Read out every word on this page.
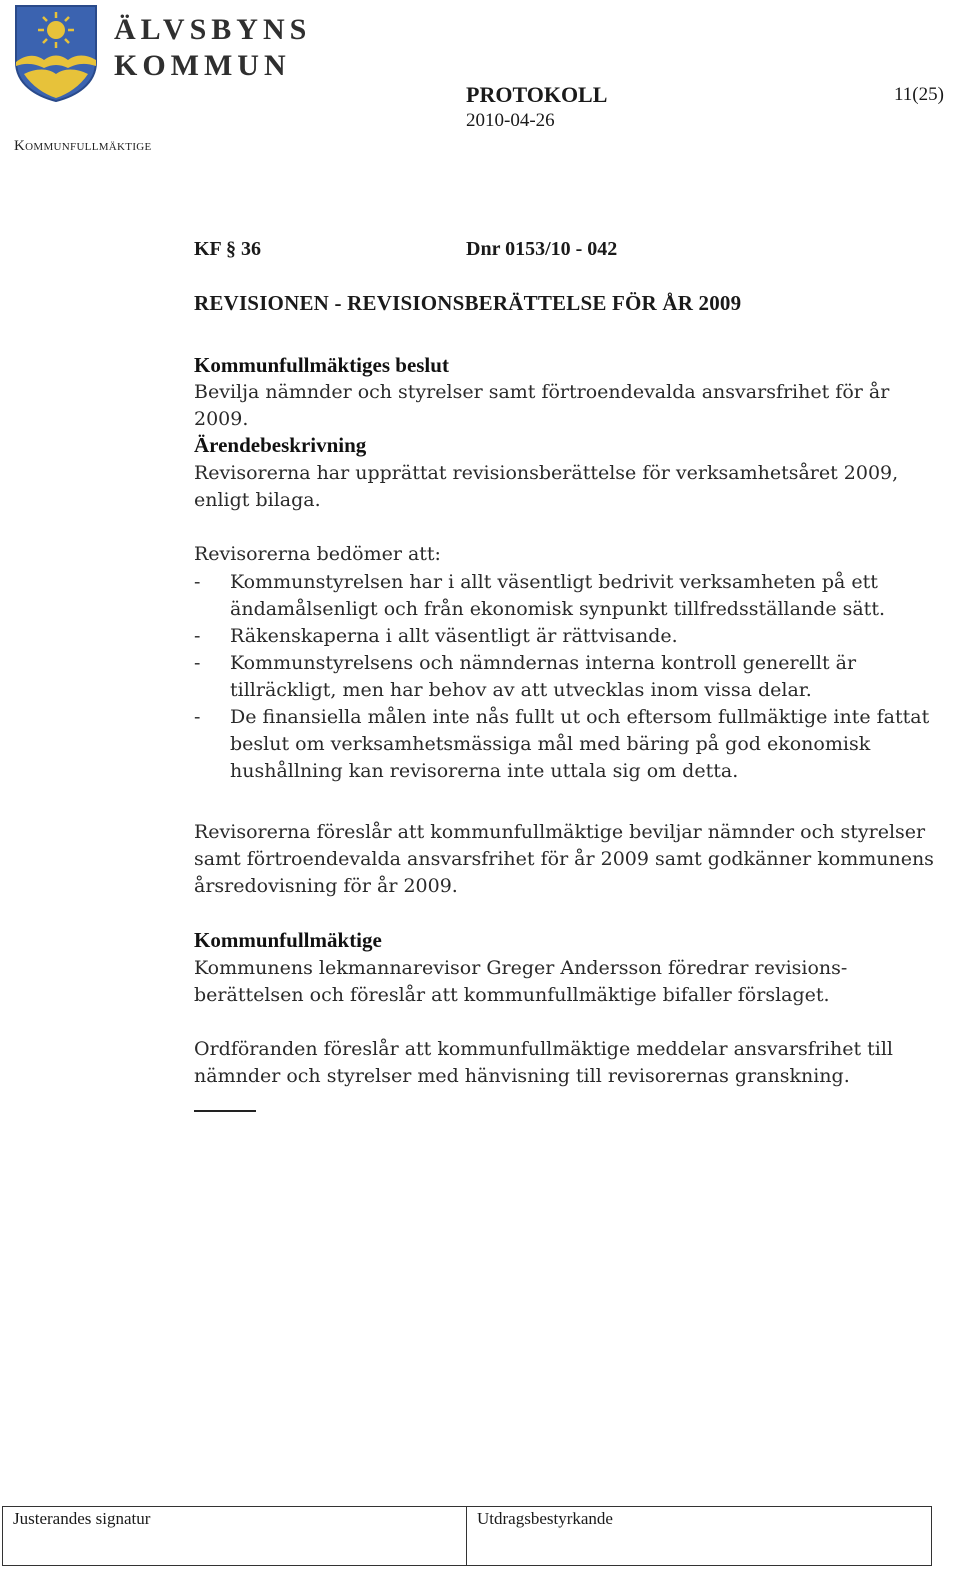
ÄLVSBYNS
KOMMUN
Kommunfullmäktige
PROTOKOLL
2010-04-26
11(25)
KF § 36	Dnr 0153/10 - 042
REVISIONEN - REVISIONSBERÄTTELSE FÖR ÅR 2009
Kommunfullmäktiges beslut
Bevilja nämnder och styrelser samt förtroendevalda ansvarsfrihet för år 2009.
Ärendebeskrivning
Revisorerna har upprättat revisionsberättelse för verksamhetsåret 2009, enligt bilaga.
Revisorerna bedömer att:
- Kommunstyrelsen har i allt väsentligt bedrivit verksamheten på ett ändamålsenligt och från ekonomisk synpunkt tillfredsställande sätt.
- Räkenskaperna i allt väsentligt är rättvisande.
- Kommunstyrelsens och nämndernas interna kontroll generellt är tillräckligt, men har behov av att utvecklas inom vissa delar.
- De finansiella målen inte nås fullt ut och eftersom fullmäktige inte fattat beslut om verksamhetsmässiga mål med bäring på god ekonomisk hushållning kan revisorerna inte uttala sig om detta.
Revisorerna föreslår att kommunfullmäktige beviljar nämnder och styrelser samt förtroendevalda ansvarsfrihet för år 2009 samt godkänner kommunens årsredovisning för år 2009.
Kommunfullmäktige
Kommunens lekmannarevisor Greger Andersson föredrar revisionsberättelsen och föreslår att kommunfullmäktige bifaller förslaget.
Ordföranden föreslår att kommunfullmäktige meddelar ansvarsfrihet till nämnder och styrelser med hänvisning till revisorernas granskning.
Justerandes signatur	Utdragsbestyrkande
